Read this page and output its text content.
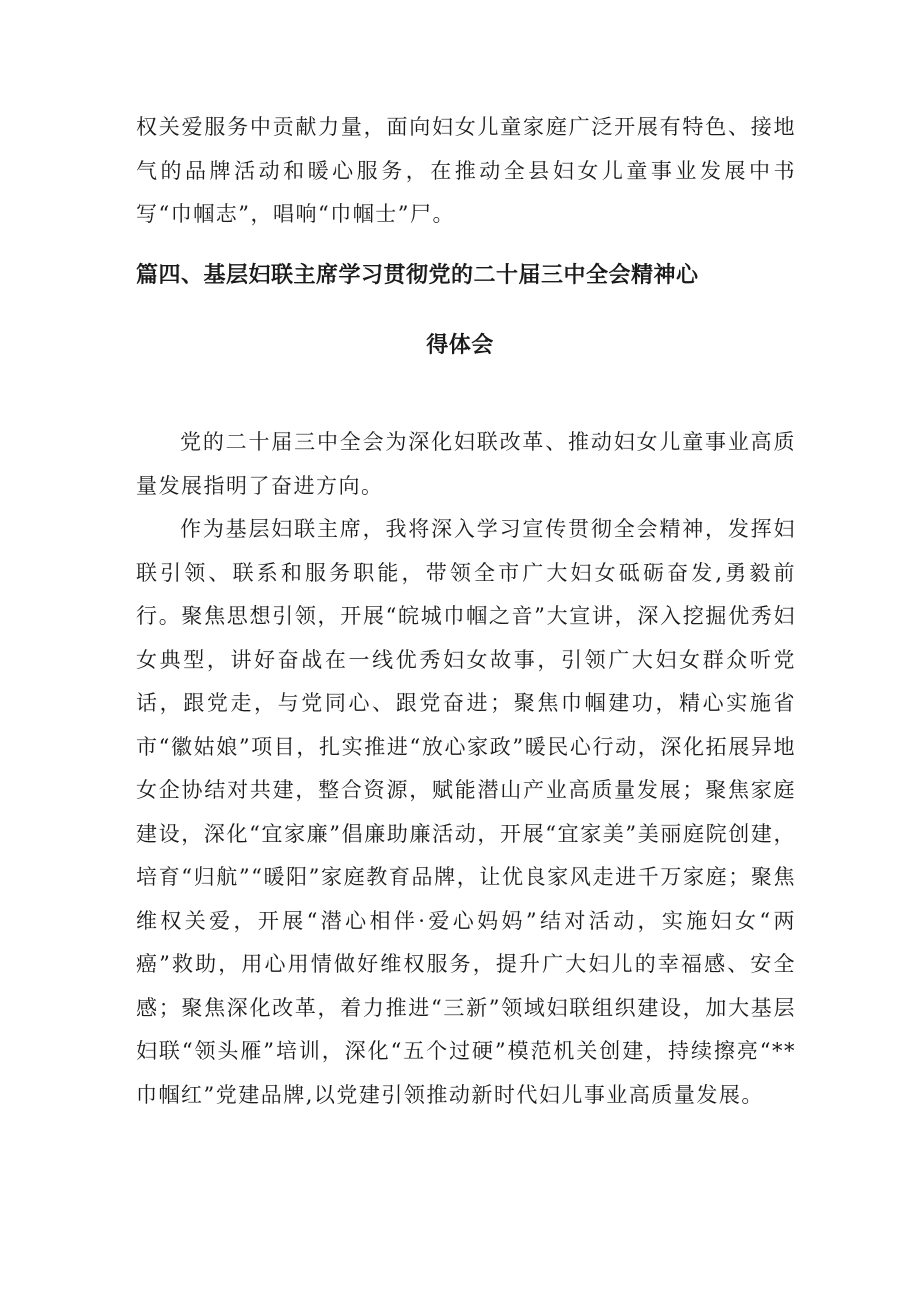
权关爱服务中贡献力量，面向妇女儿童家庭广泛开展有特色、接地气的品牌活动和暖心服务，在推动全县妇女儿童事业发展中书写“巾帼志”，唱响“巾帼士”尸。

篇四、基层妇联主席学习贯彻党的二十届三中全会精神心
得体会

党的二十届三中全会为深化妇联改革、推动妇女儿童事业高质量发展指明了奋进方向。

作为基层妇联主席，我将深入学习宣传贯彻全会精神，发挥妇联引领、联系和服务职能，带领全市广大妇女砥砺奋发,勇毅前行。聚焦思想引领，开展“皖城巾帼之音”大宣讲，深入挖掘优秀妇女典型，讲好奋战在一线优秀妇女故事，引领广大妇女群众听党话，跟党走，与党同心、跟党奋进；聚焦巾帼建功，精心实施省市“徽姑娘”项目，扎实推进“放心家政”暖民心行动，深化拓展异地女企协结对共建，整合资源，赋能潜山产业高质量发展；聚焦家庭建设，深化“宜家廉”倡廉助廉活动，开展“宜家美”美丽庭院创建，培育“归航”“暖阳”家庭教育品牌，让优良家风走进千万家庭；聚焦维权关爱，开展“潜心相伴·爱心妈妈”结对活动，实施妇女“两癌”救助，用心用情做好维权服务，提升广大妇儿的幸福感、安全感；聚焦深化改革，着力推进“三新”领域妇联组织建设，加大基层妇联“领头雁”培训，深化“五个过硬”模范机关创建，持续擦亮“**巾帼红”党建品牌,以党建引领推动新时代妇儿事业高质量发展。
